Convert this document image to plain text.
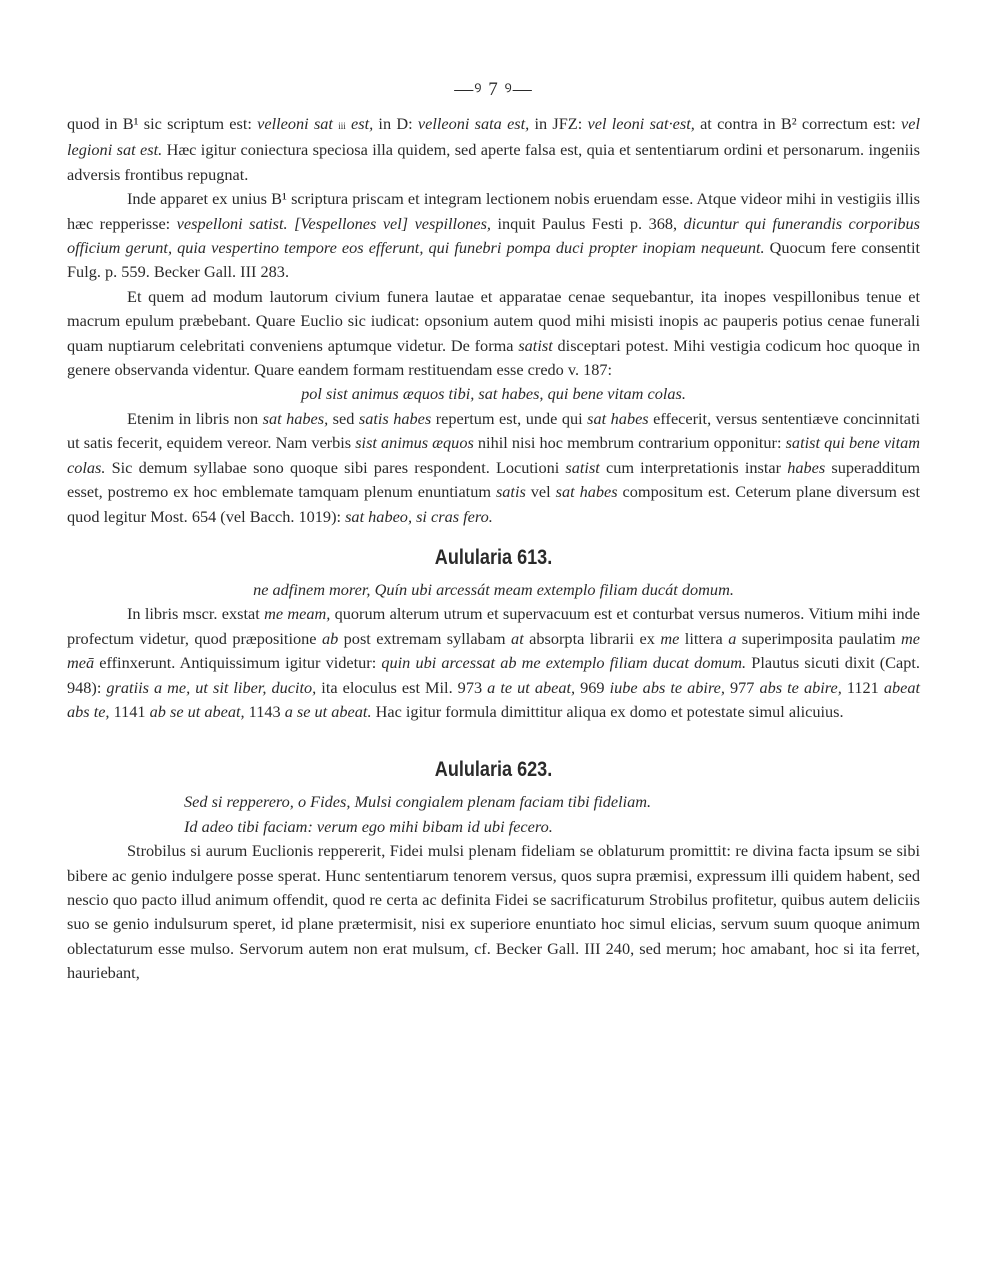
—ꝰ 7 ꝰ—

quod in B¹ sic scriptum est: velleoni sat iii est, in D: velleoni sata est, in JFZ: vel leoni sat·est, at contra in B² correctum est: vel legioni sat est. Hæc igitur coniectura speciosa illa quidem, sed aperte falsa est, quia et sententiarum ordini et personarum. ingeniis adversis frontibus repugnat.

Inde apparet ex unius B¹ scriptura priscam et integram lectionem nobis eruendam esse. Atque videor mihi in vestigiis illis hæc repperisse: vespelloni satist. [Vespellones vel] vespillones, inquit Paulus Festi p. 368, dicuntur qui funerandis corporibus officium gerunt, quia vespertino tempore eos efferunt, qui funebri pompa duci propter inopiam nequeunt. Quocum fere consentit Fulg. p. 559. Becker Gall. III 283.

Et quem ad modum lautorum civium funera lautae et apparatae cenae sequebantur, ita inopes vespillonibus tenue et macrum epulum præbebant. Quare Euclio sic iudicat: opsonium autem quod mihi misisti inopis ac pauperis potius cenae funerali quam nuptiarum celebritati conveniens aptumque videtur. De forma satist disceptari potest. Mihi vestigia codicum hoc quoque in genere observanda videntur. Quare eandem formam restituendam esse credo v. 187:

pol sist animus æquos tibi, sat habes, qui bene vitam colas.

Etenim in libris non sat habes, sed satis habes repertum est, unde qui sat habes effecerit, versus sententiæve concinnitati ut satis fecerit, equidem vereor. Nam verbis sist animus æquos nihil nisi hoc membrum contrarium opponitur: satist qui bene vitam colas. Sic demum syllabae sono quoque sibi pares respondent. Locutioni satist cum interpretationis instar habes superadditum esset, postremo ex hoc emblemate tamquam plenum enuntiatum satis vel sat habes compositum est. Ceterum plane diversum est quod legitur Most. 654 (vel Bacch. 1019): sat habeo, si cras fero.

Aulularia 613.

ne adfinem morer, Quín ubi arcessát meam extemplo filiam ducát domum.

In libris mscr. exstat me meam, quorum alterum utrum et supervacuum est et conturbat versus numeros. Vitium mihi inde profectum videtur, quod præpositione ab post extremam syllabam at absorpta librarii ex me littera a superimposita paulatim me meā effinxerunt. Antiquissimum igitur videtur: quin ubi arcessat ab me extemplo filiam ducat domum. Plautus sicuti dixit (Capt. 948): gratiis a me, ut sit liber, ducito, ita eloculus est Mil. 973 a te ut abeat, 969 iube abs te abire, 977 abs te abire, 1121 abeat abs te, 1141 ab se ut abeat, 1143 a se ut abeat. Hac igitur formula dimittitur aliqua ex domo et potestate simul alicuius.

Aulularia 623.

Sed si repperero, o Fides, Mulsi congialem plenam faciam tibi fideliam.

Id adeo tibi faciam: verum ego mihi bibam id ubi fecero.

Strobilus si aurum Euclionis reppererit, Fidei mulsi plenam fideliam se oblaturum promittit: re divina facta ipsum se sibi bibere ac genio indulgere posse sperat. Hunc sententiarum tenorem versus, quos supra præmisi, expressum illi quidem habent, sed nescio quo pacto illud animum offendit, quod re certa ac definita Fidei se sacrificaturum Strobilus profitetur, quibus autem deliciis suo se genio indulsurum speret, id plane prætermisit, nisi ex superiore enuntiato hoc simul elicias, servum suum quoque animum oblectaturum esse mulso. Servorum autem non erat mulsum, cf. Becker Gall. III 240, sed merum; hoc amabant, hoc si ita ferret, hauriebant,
